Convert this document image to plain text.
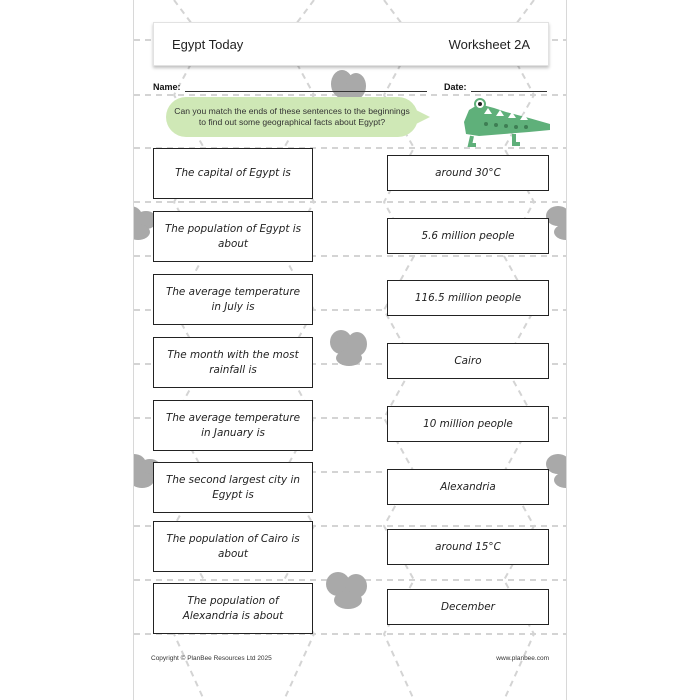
Egypt Today	Worksheet 2A
Name:	Date:
Can you match the ends of these sentences to the beginnings to find out some geographical facts about Egypt?
The capital of Egypt is
The population of Egypt is about
The average temperature in July is
The month with the most rainfall is
The average temperature in January is
The second largest city in Egypt is
The population of Cairo is about
The population of Alexandria is about
around 30°C
5.6 million people
116.5 million people
Cairo
10 million people
Alexandria
around 15°C
December
Copyright © PlanBee Resources Ltd 2025	www.planbee.com
